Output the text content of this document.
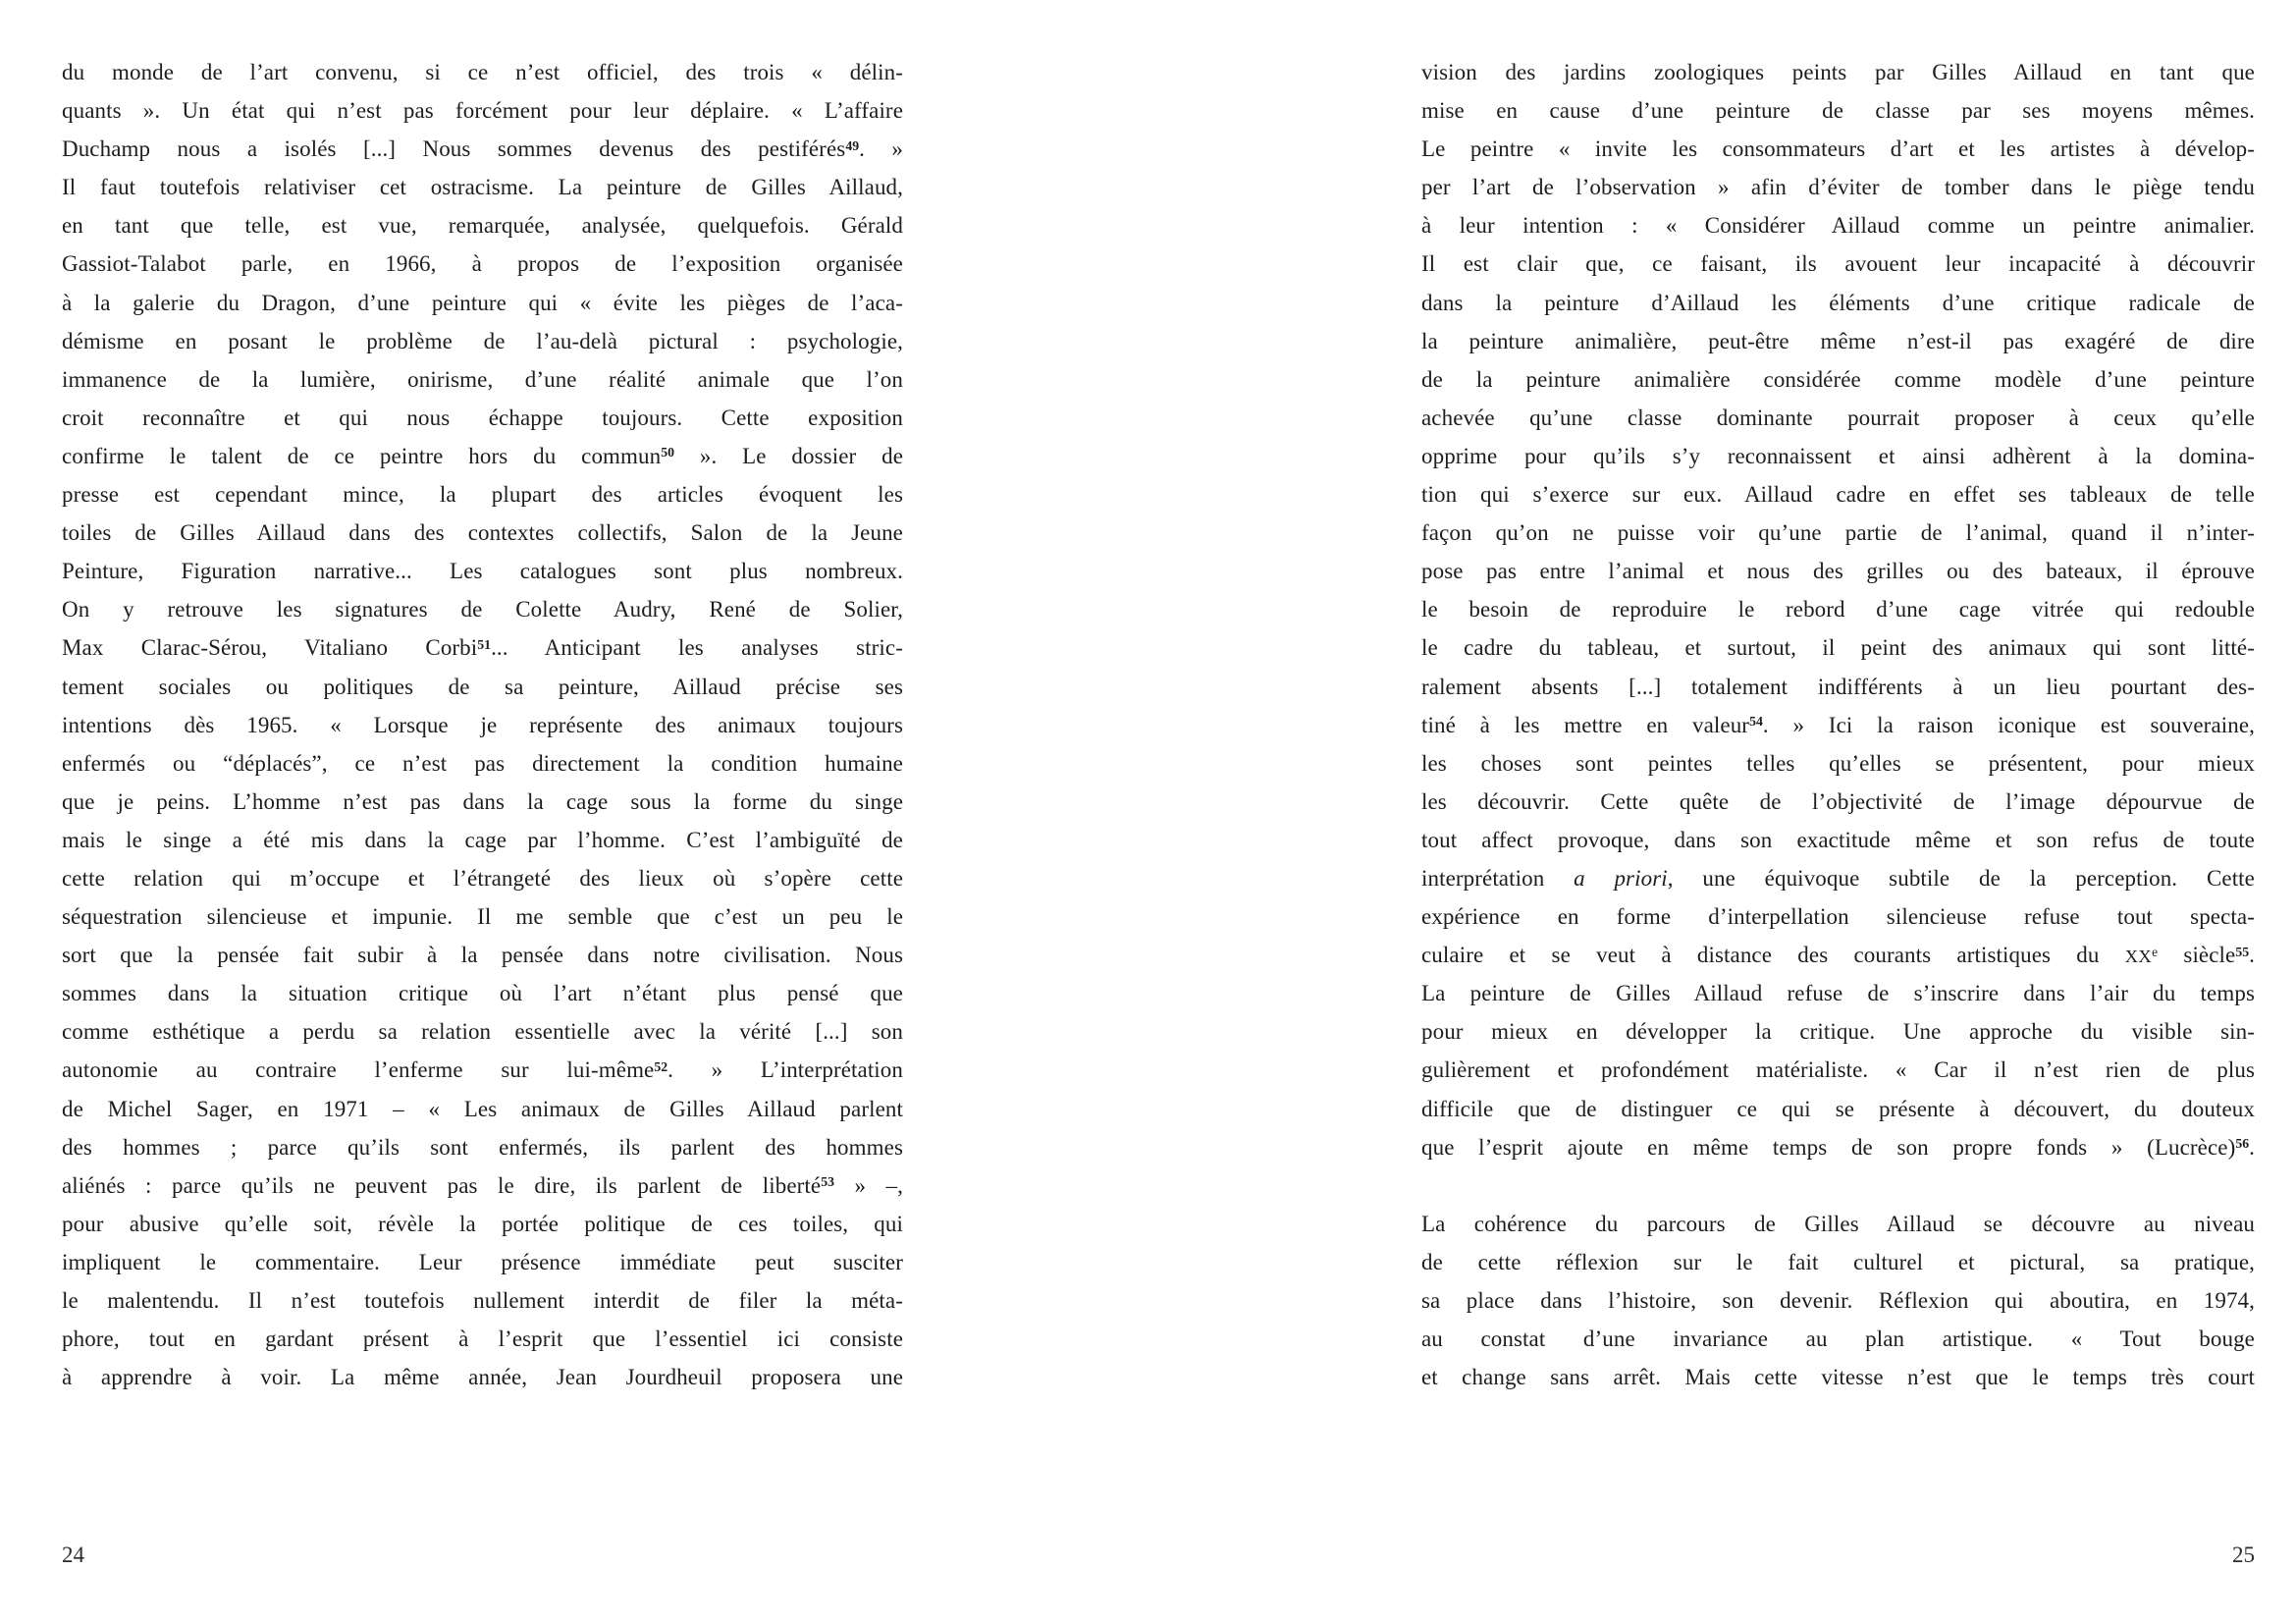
du monde de l’art convenu, si ce n’est officiel, des trois « délin-
quants ». Un état qui n’est pas forcément pour leur déplaire. « L’affaire
Duchamp nous a isolés [...] Nous sommes devenus des pestiférés$^{49}$. »
Il faut toutefois relativiser cet ostracisme. La peinture de Gilles Aillaud,
en tant que telle, est vue, remarquée, analysée, quelquefois. Gérald
Gassiot-Talabot parle, en 1966, à propos de l’exposition organisée
à la galerie du Dragon, d’une peinture qui « évite les pièges de l’aca-
démisme en posant le problème de l’au-delà pictural : psychologie,
immanence de la lumière, onirisme, d’une réalité animale que l’on
croit reconnaître et qui nous échappe toujours. Cette exposition
confirme le talent de ce peintre hors du commun$^{50}$ ». Le dossier de
presse est cependant mince, la plupart des articles évoquent les
toiles de Gilles Aillaud dans des contextes collectifs, Salon de la Jeune
Peinture, Figuration narrative... Les catalogues sont plus nombreux.
On y retrouve les signatures de Colette Audry, René de Solier,
Max Clarac-Sérou, Vitaliano Corbi$^{51}$... Anticipant les analyses stric-
tement sociales ou politiques de sa peinture, Aillaud précise ses
intentions dès 1965. « Lorsque je représente des animaux toujours
enfermés ou “déplacés”, ce n’est pas directement la condition humaine
que je peins. L’homme n’est pas dans la cage sous la forme du singe
mais le singe a été mis dans la cage par l’homme. C’est l’ambiguïté de
cette relation qui m’occupe et l’étrangeté des lieux où s’opère cette
séquestration silencieuse et impunie. Il me semble que c’est un peu le
sort que la pensée fait subir à la pensée dans notre civilisation. Nous
sommes dans la situation critique où l’art n’étant plus pensé que
comme esthétique a perdu sa relation essentielle avec la vérité [...] son
autonomie au contraire l’enferme sur lui-même$^{52}$. » L’interprétation
de Michel Sager, en 1971 – « Les animaux de Gilles Aillaud parlent
des hommes ; parce qu’ils sont enfermés, ils parlent des hommes
aliénés : parce qu’ils ne peuvent pas le dire, ils parlent de liberté$^{53}$ » –,
pour abusive qu’elle soit, révèle la portée politique de ces toiles, qui
impliquent le commentaire. Leur présence immédiate peut susciter
le malentendu. Il n’est toutefois nullement interdit de filer la méta-
phore, tout en gardant présent à l’esprit que l’essentiel ici consiste
à apprendre à voir. La même année, Jean Jourdheuil proposera une
24
vision des jardins zoologiques peints par Gilles Aillaud en tant que
mise en cause d’une peinture de classe par ses moyens mêmes.
Le peintre « invite les consommateurs d’art et les artistes à dévelop-
per l’art de l’observation » afin d’éviter de tomber dans le piège tendu
à leur intention : « Considérer Aillaud comme un peintre animalier.
Il est clair que, ce faisant, ils avouent leur incapacité à découvrir
dans la peinture d’Aillaud les éléments d’une critique radicale de
la peinture animalière, peut-être même n’est-il pas exagéré de dire
de la peinture animalière considérée comme modèle d’une peinture
achevée qu’une classe dominante pourrait proposer à ceux qu’elle
opprime pour qu’ils s’y reconnaissent et ainsi adhèrent à la domina-
tion qui s’exerce sur eux. Aillaud cadre en effet ses tableaux de telle
façon qu’on ne puisse voir qu’une partie de l’animal, quand il n’inter-
pose pas entre l’animal et nous des grilles ou des bateaux, il éprouve
le besoin de reproduire le rebord d’une cage vitrée qui redouble
le cadre du tableau, et surtout, il peint des animaux qui sont litté-
ralement absents [...] totalement indifférents à un lieu pourtant des-
tiné à les mettre en valeur$^{54}$. » Ici la raison iconique est souveraine,
les choses sont peintes telles qu’elles se présentent, pour mieux
les découvrir. Cette quête de l’objectivité de l’image dépourvue de
tout affect provoque, dans son exactitude même et son refus de toute
interprétation a priori, une équivoque subtile de la perception. Cette
expérience en forme d’interpellation silencieuse refuse tout specta-
culaire et se veut à distance des courants artistiques du XXe siècle$^{55}$.
La peinture de Gilles Aillaud refuse de s’inscrire dans l’air du temps
pour mieux en développer la critique. Une approche du visible sin-
gulièrement et profondément matérialiste. « Car il n’est rien de plus
difficile que de distinguer ce qui se présente à découvert, du douteux
que l’esprit ajoute en même temps de son propre fonds » (Lucrèce)$^{56}$.
La cohérence du parcours de Gilles Aillaud se découvre au niveau
de cette réflexion sur le fait culturel et pictural, sa pratique,
sa place dans l’histoire, son devenir. Réflexion qui aboutira, en 1974,
au constat d’une invariance au plan artistique. « Tout bouge
et change sans arrêt. Mais cette vitesse n’est que le temps très court
25
